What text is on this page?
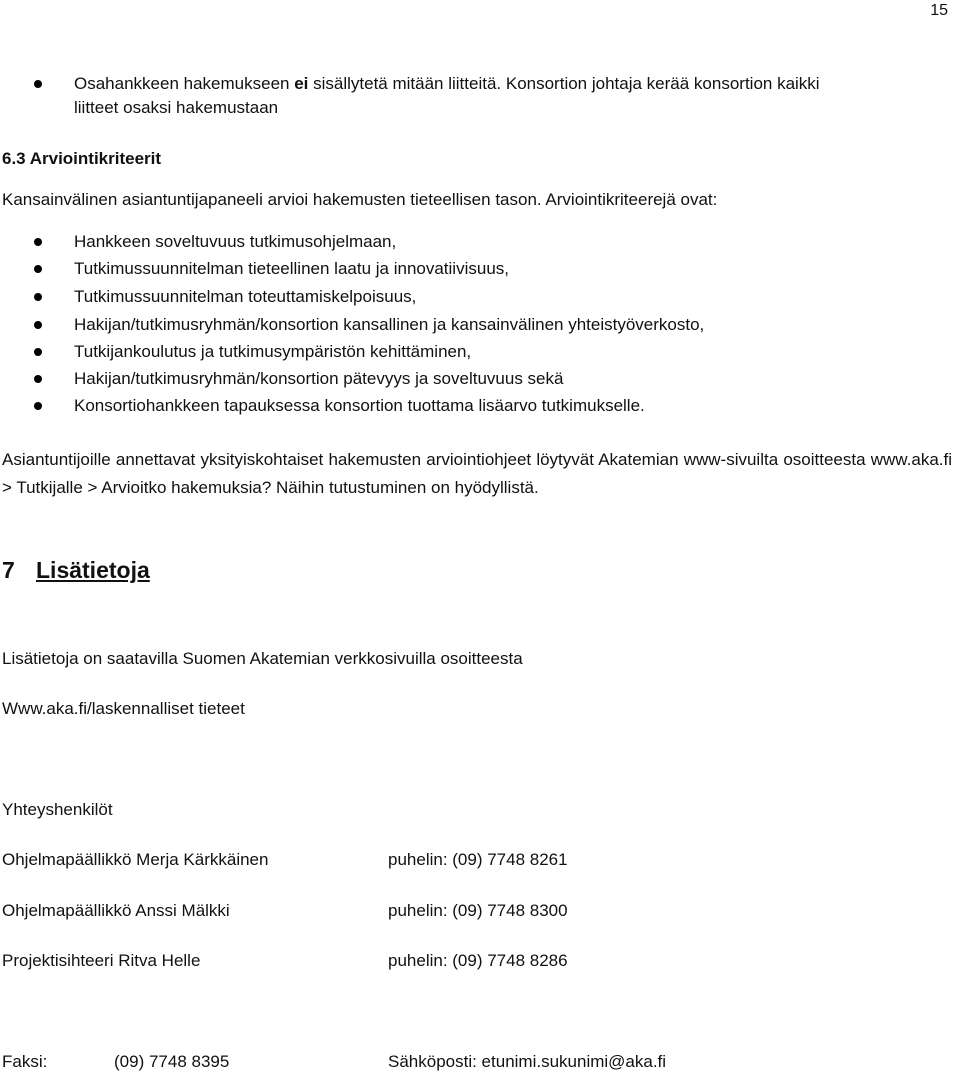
15
Osahankkeen hakemukseen ei sisällytetä mitään liitteitä. Konsortion johtaja kerää konsortion kaikki
liitteet osaksi hakemustaan
6.3 Arviointikriteerit
Kansainvälinen asiantuntijapaneeli arvioi hakemusten tieteellisen tason. Arviointikriteerejä ovat:
Hankkeen soveltuvuus tutkimusohjelmaan,
Tutkimussuunnitelman tieteellinen laatu ja innovatiivisuus,
Tutkimussuunnitelman toteuttamiskelpoisuus,
Hakijan/tutkimusryhmän/konsortion kansallinen ja kansainvälinen yhteistyöverkosto,
Tutkijankoulutus ja tutkimusympäristön kehittäminen,
Hakijan/tutkimusryhmän/konsortion pätevyys ja soveltuvuus sekä
Konsortiohankkeen tapauksessa konsortion tuottama lisäarvo tutkimukselle.
Asiantuntijoille annettavat yksityiskohtaiset hakemusten arviointiohjeet löytyvät Akatemian www-sivuilta osoitteesta www.aka.fi > Tutkijalle > Arvioitko hakemuksia? Näihin tutustuminen on hyödyllistä.
7 Lisätietoja
Lisätietoja on saatavilla Suomen Akatemian verkkosivuilla osoitteesta
Www.aka.fi/laskennalliset tieteet
Yhteyshenkilöt
Ohjelmapäällikkö Merja Kärkkäinen	puhelin: (09) 7748 8261
Ohjelmapäällikkö Anssi Mälkki	puhelin: (09) 7748 8300
Projektisihteeri Ritva Helle	puhelin: (09) 7748 8286
Faksi:	(09) 7748 8395	Sähköposti: etunimi.sukunimi@aka.fi
